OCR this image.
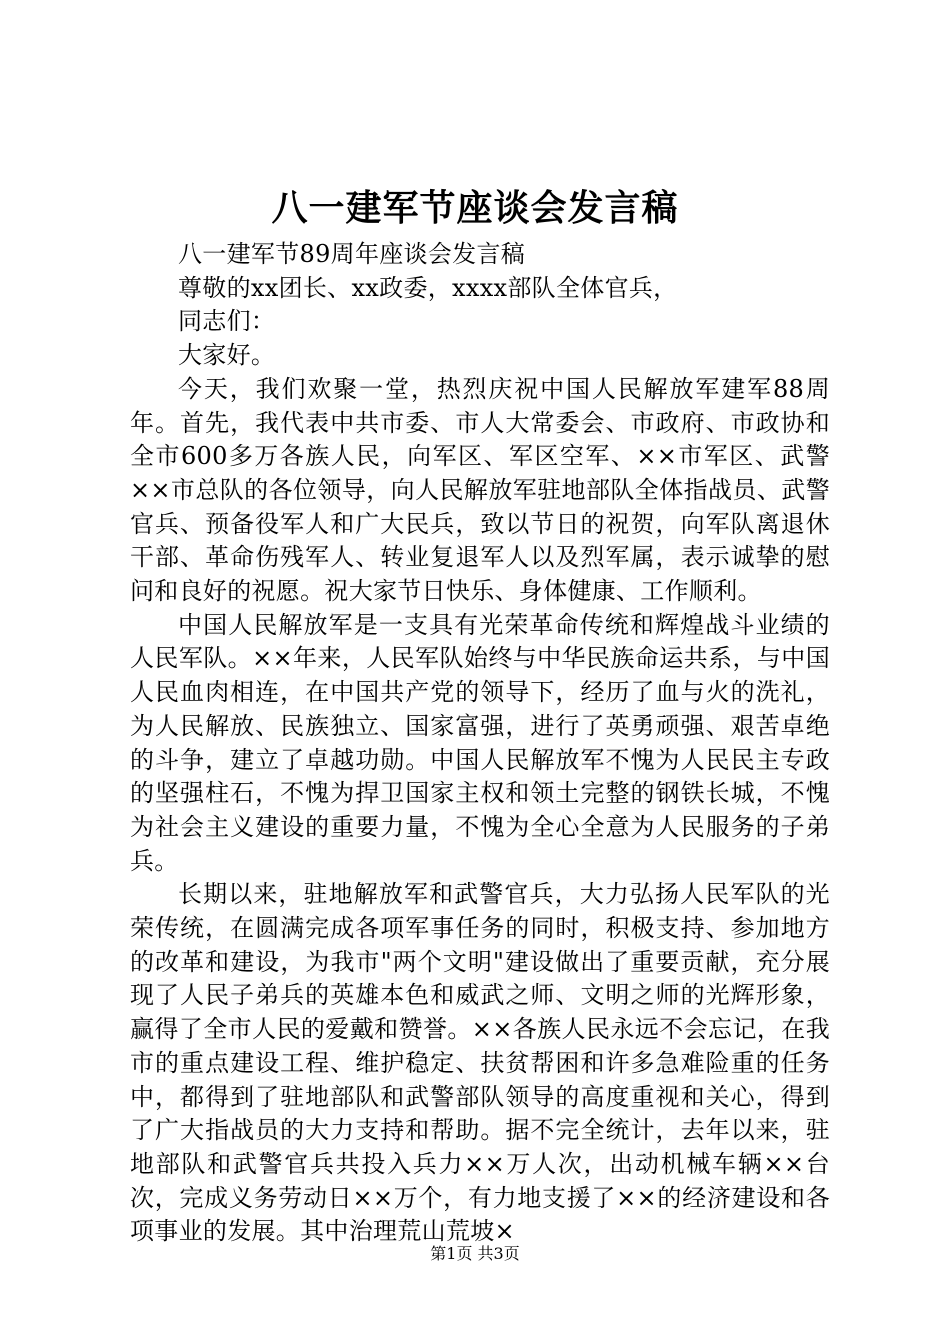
八一建军节座谈会发言稿

八一建军节89周年座谈会发言稿

尊敬的xx团长、xx政委，xxxx部队全体官兵，

同志们：

大家好。

今天，我们欢聚一堂，热烈庆祝中国人民解放军建军88周年。首先，我代表中共市委、市人大常委会、市政府、市政协和全市600多万各族人民，向军区、军区空军、××市军区、武警××市总队的各位领导，向人民解放军驻地部队全体指战员、武警官兵、预备役军人和广大民兵，致以节日的祝贺，向军队离退休干部、革命伤残军人、转业复退军人以及烈军属，表示诚挚的慰问和良好的祝愿。祝大家节日快乐、身体健康、工作顺利。

中国人民解放军是一支具有光荣革命传统和辉煌战斗业绩的人民军队。××年来，人民军队始终与中华民族命运共系，与中国人民血肉相连，在中国共产党的领导下，经历了血与火的洗礼，为人民解放、民族独立、国家富强，进行了英勇顽强、艰苦卓绝的斗争，建立了卓越功勋。中国人民解放军不愧为人民民主专政的坚强柱石，不愧为捍卫国家主权和领土完整的钢铁长城，不愧为社会主义建设的重要力量，不愧为全心全意为人民服务的子弟兵。

长期以来，驻地解放军和武警官兵，大力弘扬人民军队的光荣传统，在圆满完成各项军事任务的同时，积极支持、参加地方的改革和建设，为我市"两个文明"建设做出了重要贡献，充分展现了人民子弟兵的英雄本色和威武之师、文明之师的光辉形象，赢得了全市人民的爱戴和赞誉。××各族人民永远不会忘记，在我市的重点建设工程、维护稳定、扶贫帮困和许多急难险重的任务中，都得到了驻地部队和武警部队领导的高度重视和关心，得到了广大指战员的大力支持和帮助。据不完全统计，去年以来，驻地部队和武警官兵共投入兵力××万人次，出动机械车辆××台次，完成义务劳动日××万个，有力地支援了××的经济建设和各项事业的发展。其中治理荒山荒坡×

第1页 共3页
